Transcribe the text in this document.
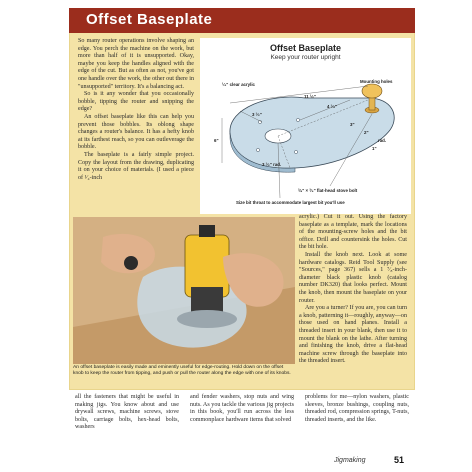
Offset Baseplate

So many router operations involve shaping an edge. You perch the machine on the work, but more than half of it is unsupported. Okay, maybe you keep the handles aligned with the edge of the cut. But as often as not, you've got one handle over the work, the other out there in "unsupported" territory. It's a balancing act.

So is it any wonder that you occasionally bobble, tipping the router and snipping the edge?

An offset baseplate like this can help you prevent those bobbles. Its oblong shape changes a router's balance. It has a hefty knob at its farthest reach, so you can outleverage the bobble.

The baseplate is a fairly simple project. Copy the layout from the drawing, duplicating it on your choice of materials. (I used a piece of ¹⁄₄-inch

Offset Baseplate
Keep your router upright
¹⁄₄" clear acrylic
Mounting holes
11 ¹⁄₂"
4 ¹⁄₄"
3 ¹⁄₂"
3"
2"
6"	rad.
1"
3 ¹⁄₂" rad.
³⁄₈" × ³⁄₄" flat-head stove bolt
Size bit throat to accommodate largest bit you'll use
An offset baseplate is easily made and eminently useful for edge-routing. Hold down on the offset knob to keep the router from tipping, and push or pull the router along the edge with one of its knobs.

acrylic.) Cut it out. Using the factory baseplate as a template, mark the locations of the mounting-screw holes and the bit office. Drill and countersink the holes. Cut the bit hole.

Install the knob next. Look at some hardware catalogs. Reid Tool Supply (see "Sources," page 367) sells a 1 ⁷⁄₈-inch-diameter black plastic knob (catalog number DK320) that looks perfect. Mount the knob, then mount the baseplate on your router.

Are you a turner? If you are, you can turn a knob, patterning it—roughly, anyway—on those used on hand planes. Install a threaded insert in your blank, then use it to mount the blank on the lathe. After turning and finishing the knob, drive a flat-head machine screw through the baseplate into the threaded insert.

all the fasteners that might be useful in making jigs. You know about and use drywall screws, machine screws, stove bolts, carriage bolts, hex-head bolts, washers
and fender washers, stop nuts and wing nuts. As you tackle the various jig projects in this book, you'll run across the less commonplace hardware items that solved
problems for me—nylon washers, plastic sleeves, bronze bushings, coupling nuts, threaded rod, compression springs, T-nuts, threaded inserts, and the like.
Jigmaking	51
